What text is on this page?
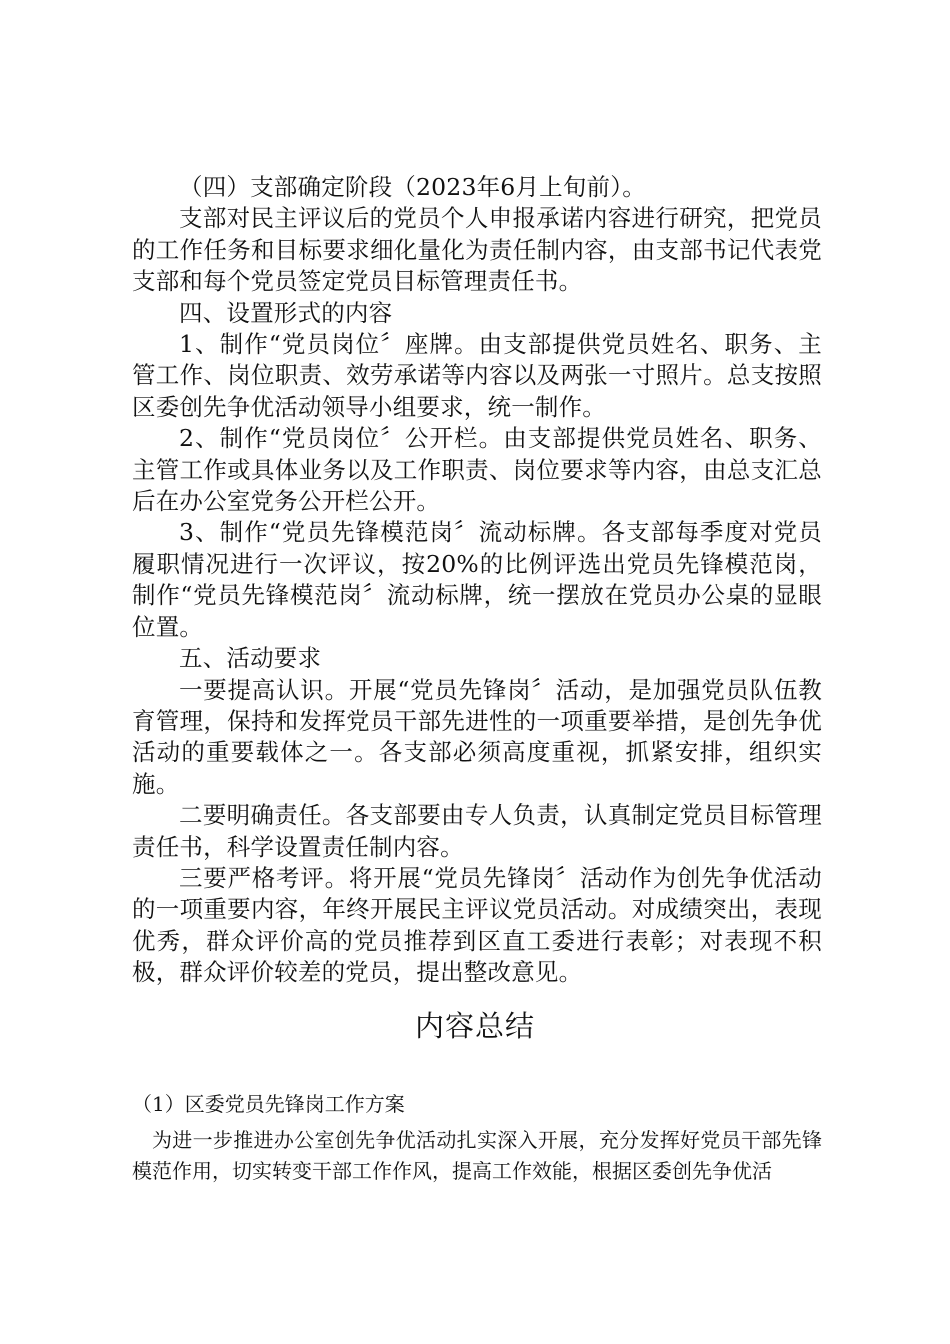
（四）支部确定阶段（2023年6月上旬前）。

支部对民主评议后的党员个人申报承诺内容进行研究，把党员的工作任务和目标要求细化量化为责任制内容，由支部书记代表党支部和每个党员签定党员目标管理责任书。

四、设置形式的内容

1、制作“党员岗位〞座牌。由支部提供党员姓名、职务、主管工作、岗位职责、效劳承诺等内容以及两张一寸照片。总支按照区委创先争优活动领导小组要求，统一制作。

2、制作“党员岗位〞公开栏。由支部提供党员姓名、职务、主管工作或具体业务以及工作职责、岗位要求等内容，由总支汇总后在办公室党务公开栏公开。

3、制作“党员先锋模范岗〞流动标牌。各支部每季度对党员履职情况进行一次评议，按20%的比例评选出党员先锋模范岗，制作“党员先锋模范岗〞流动标牌，统一摆放在党员办公桌的显眼位置。

五、活动要求

一要提高认识。开展“党员先锋岗〞活动，是加强党员队伍教育管理，保持和发挥党员干部先进性的一项重要举措，是创先争优活动的重要载体之一。各支部必须高度重视，抓紧安排，组织实施。

二要明确责任。各支部要由专人负责，认真制定党员目标管理责任书，科学设置责任制内容。

三要严格考评。将开展“党员先锋岗〞活动作为创先争优活动的一项重要内容，年终开展民主评议党员活动。对成绩突出，表现优秀，群众评价高的党员推荐到区直工委进行表彰；对表现不积极，群众评价较差的党员，提出整改意见。

内容总结

（1）区委党员先锋岗工作方案

为进一步推进办公室创先争优活动扎实深入开展，充分发挥好党员干部先锋模范作用，切实转变干部工作作风，提高工作效能，根据区委创先争优活
